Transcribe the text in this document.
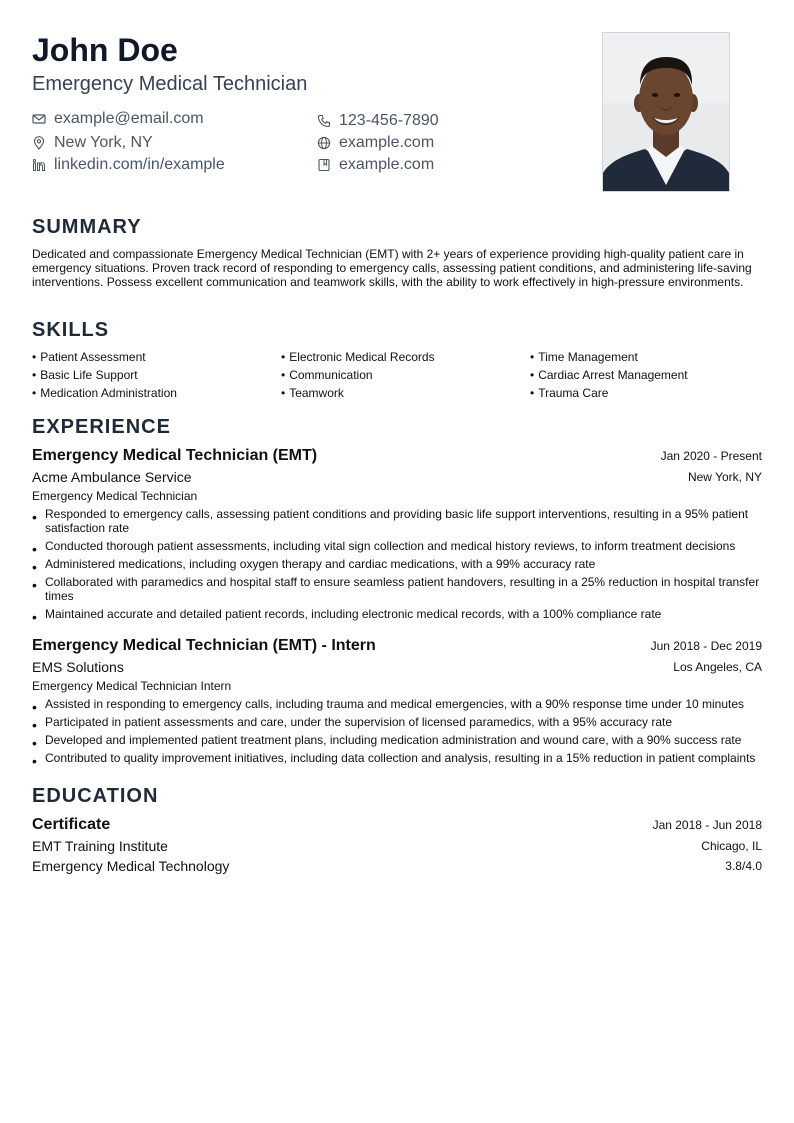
John Doe
Emergency Medical Technician
example@email.com	123-456-7890
New York, NY	example.com
linkedin.com/in/example	example.com
SUMMARY
Dedicated and compassionate Emergency Medical Technician (EMT) with 2+ years of experience providing high-quality patient care in emergency situations. Proven track record of responding to emergency calls, assessing patient conditions, and administering life-saving interventions. Possess excellent communication and teamwork skills, with the ability to work effectively in high-pressure environments.
SKILLS
• Patient Assessment	• Electronic Medical Records	• Time Management
• Basic Life Support	• Communication	• Cardiac Arrest Management
• Medication Administration	• Teamwork	• Trauma Care
EXPERIENCE
Emergency Medical Technician (EMT)	Jan 2020 - Present
Acme Ambulance Service	New York, NY
Emergency Medical Technician
• Responded to emergency calls, assessing patient conditions and providing basic life support interventions, resulting in a 95% patient satisfaction rate
• Conducted thorough patient assessments, including vital sign collection and medical history reviews, to inform treatment decisions
• Administered medications, including oxygen therapy and cardiac medications, with a 99% accuracy rate
• Collaborated with paramedics and hospital staff to ensure seamless patient handovers, resulting in a 25% reduction in hospital transfer times
• Maintained accurate and detailed patient records, including electronic medical records, with a 100% compliance rate
Emergency Medical Technician (EMT) - Intern	Jun 2018 - Dec 2019
EMS Solutions	Los Angeles, CA
Emergency Medical Technician Intern
• Assisted in responding to emergency calls, including trauma and medical emergencies, with a 90% response time under 10 minutes
• Participated in patient assessments and care, under the supervision of licensed paramedics, with a 95% accuracy rate
• Developed and implemented patient treatment plans, including medication administration and wound care, with a 90% success rate
• Contributed to quality improvement initiatives, including data collection and analysis, resulting in a 15% reduction in patient complaints
EDUCATION
Certificate	Jan 2018 - Jun 2018
EMT Training Institute	Chicago, IL
Emergency Medical Technology	3.8/4.0
